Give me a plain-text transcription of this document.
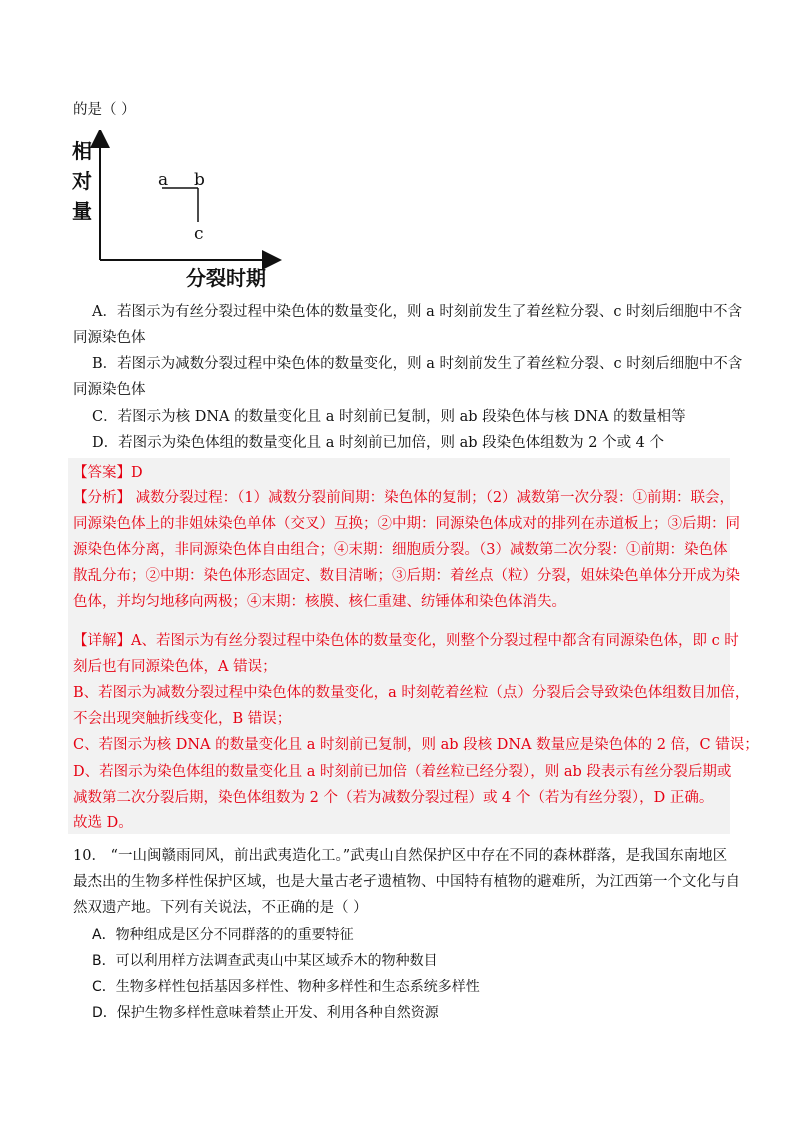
的是（ ）
相
对
量
分裂时期
a b
c
A．若图示为有丝分裂过程中染色体的数量变化，则 a 时刻前发生了着丝粒分裂、c 时刻后细胞中不含
同源染色体
B．若图示为减数分裂过程中染色体的数量变化，则 a 时刻前发生了着丝粒分裂、c 时刻后细胞中不含
同源染色体
C．若图示为核 DNA 的数量变化且 a 时刻前已复制，则 ab 段染色体与核 DNA 的数量相等
D．若图示为染色体组的数量变化且 a 时刻前已加倍，则 ab 段染色体组数为 2 个或 4 个
【答案】D
【分析】 减数分裂过程：（1）减数分裂前间期：染色体的复制；（2）减数第一次分裂：①前期：联会，
同源染色体上的非姐妹染色单体（交叉）互换；②中期：同源染色体成对的排列在赤道板上；③后期：同
源染色体分离，非同源染色体自由组合；④末期：细胞质分裂。（3）减数第二次分裂：①前期：染色体
散乱分布；②中期：染色体形态固定、数目清晰；③后期：着丝点（粒）分裂，姐妹染色单体分开成为染
色体，并均匀地移向两极；④末期：核膜、核仁重建、纺锤体和染色体消失。
【详解】A、若图示为有丝分裂过程中染色体的数量变化，则整个分裂过程中都含有同源染色体，即 c 时
刻后也有同源染色体，A 错误；
B、若图示为减数分裂过程中染色体的数量变化，a 时刻乾着丝粒（点）分裂后会导致染色体组数目加倍，
不会出现突触折线变化，B 错误；
C、若图示为核 DNA 的数量变化且 a 时刻前已复制，则 ab 段核 DNA 数量应是染色体的 2 倍，C 错误；
D、若图示为染色体组的数量变化且 a 时刻前已加倍（着丝粒已经分裂），则 ab 段表示有丝分裂后期或
减数第二次分裂后期，染色体组数为 2 个（若为减数分裂过程）或 4 个（若为有丝分裂），D 正确。
故选 D。
10． “一山闽赣雨同风，前出武夷造化工。”武夷山自然保护区中存在不同的森林群落，是我国东南地区
最杰出的生物多样性保护区域，也是大量古老孑遗植物、中国特有植物的避难所，为江西第一个文化与自
然双遗产地。下列有关说法，不正确的是（ ）
A．物种组成是区分不同群落的的重要特征
B．可以利用样方法调查武夷山中某区域乔木的物种数目
C．生物多样性包括基因多样性、物种多样性和生态系统多样性
D．保护生物多样性意味着禁止开发、利用各种自然资源
